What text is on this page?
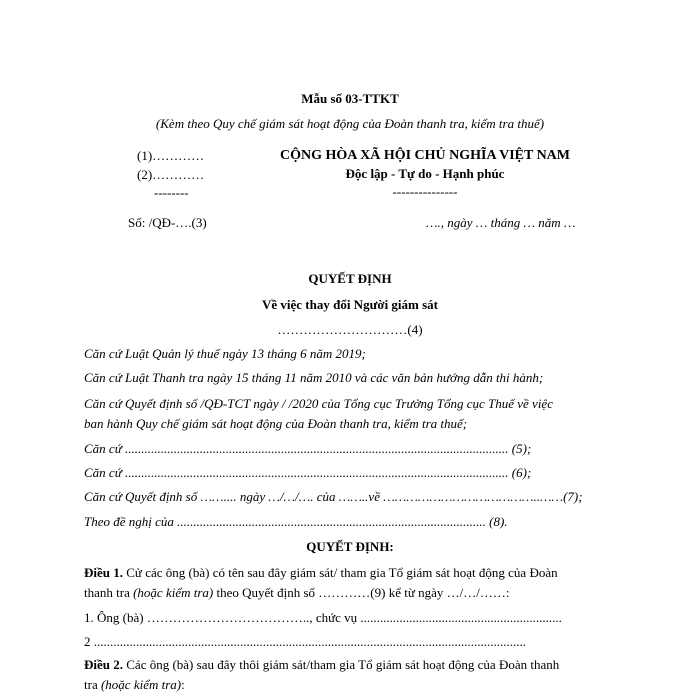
Mẫu số 03-TTKT
(Kèm theo Quy chế giám sát hoạt động của Đoàn thanh tra, kiểm tra thuế)
(1)…………
(2)…………
--------
CỘNG HÒA XÃ HỘI CHỦ NGHĨA VIỆT NAM
Độc lập - Tự do - Hạnh phúc
---------------
Số: /QĐ-….(3)	…., ngày … tháng … năm …
QUYẾT ĐỊNH
Về việc thay đổi Người giám sát
…………………………(4)
Căn cứ Luật Quản lý thuế ngày 13 tháng 6 năm 2019;
Căn cứ Luật Thanh tra ngày 15 tháng 11 năm 2010 và các văn bản hướng dẫn thi hành;
Căn cứ Quyết định số /QĐ-TCT ngày / /2020 của Tổng cục Trưởng Tổng cục Thuế về việc
ban hành Quy chế giám sát hoạt động của Đoàn thanh tra, kiểm tra thuế;
Căn cứ ...................................................................................................................... (5);
Căn cứ ...................................................................................................................... (6);
Căn cứ Quyết định số …….... ngày …/…/…. của ……..về …………………………………..……(7);
Theo đề nghị của ............................................................................................... (8).
QUYẾT ĐỊNH:
Điều 1. Cử các ông (bà) có tên sau đây giám sát/ tham gia Tổ giám sát hoạt động của Đoàn
thanh tra (hoặc kiểm tra) theo Quyết định số …………(9) kể từ ngày …/…/……:
1. Ông (bà) ……………………………….., chức vụ ..............................................................
2 .....................................................................................................................................
Điều 2. Các ông (bà) sau đây thôi giám sát/tham gia Tổ giám sát hoạt động của Đoàn thanh
tra (hoặc kiểm tra):
